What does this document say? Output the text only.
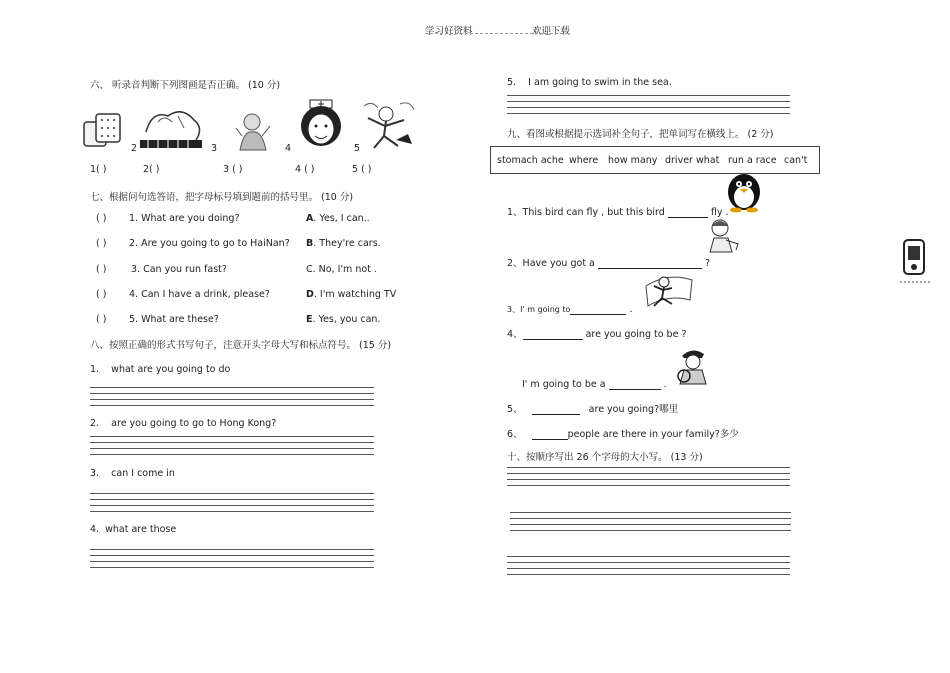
学习好资料	欢迎下载
六、 听录音判断下列图画是否正确。 (10 分)
2	3	4	5
1( )	2( )	3 ( )	4 ( )	5 ( )
七、根据问句选答语，把字母标号填到题前的括号里。 (10 分)
( ) 1. What are you doing?	A. Yes, I can..
( ) 2. Are you going to go to HaiNan? B. They're cars.
( )	3. Can you run fast?	C. No, I'm not .
( ) 4. Can I have a drink, please?	D. I'm watching TV
( ) 5. What are these?	E. Yes, you can.
八、按照正确的形式书写句子，注意开头字母大写和标点符号。 (15 分)
1. what are you going to do
2. are you going to go to Hong Kong?
3. can I come in
4. what are those
5. I am going to swim in the sea.
九、看图或根据提示选词补全句子，把单词写在横线上。 (2 分)
stomach ache where how many driver what run a race can't
1、This bird can fly , but this bird	fly .
2、Have you got a	?
3、I' m going to	.
4、	are you going to be ?
I' m going to be a	.
5、	are you going?哪里
6、	people are there in your family?多少
十、按顺序写出 26 个字母的大小写。 (13 分)
